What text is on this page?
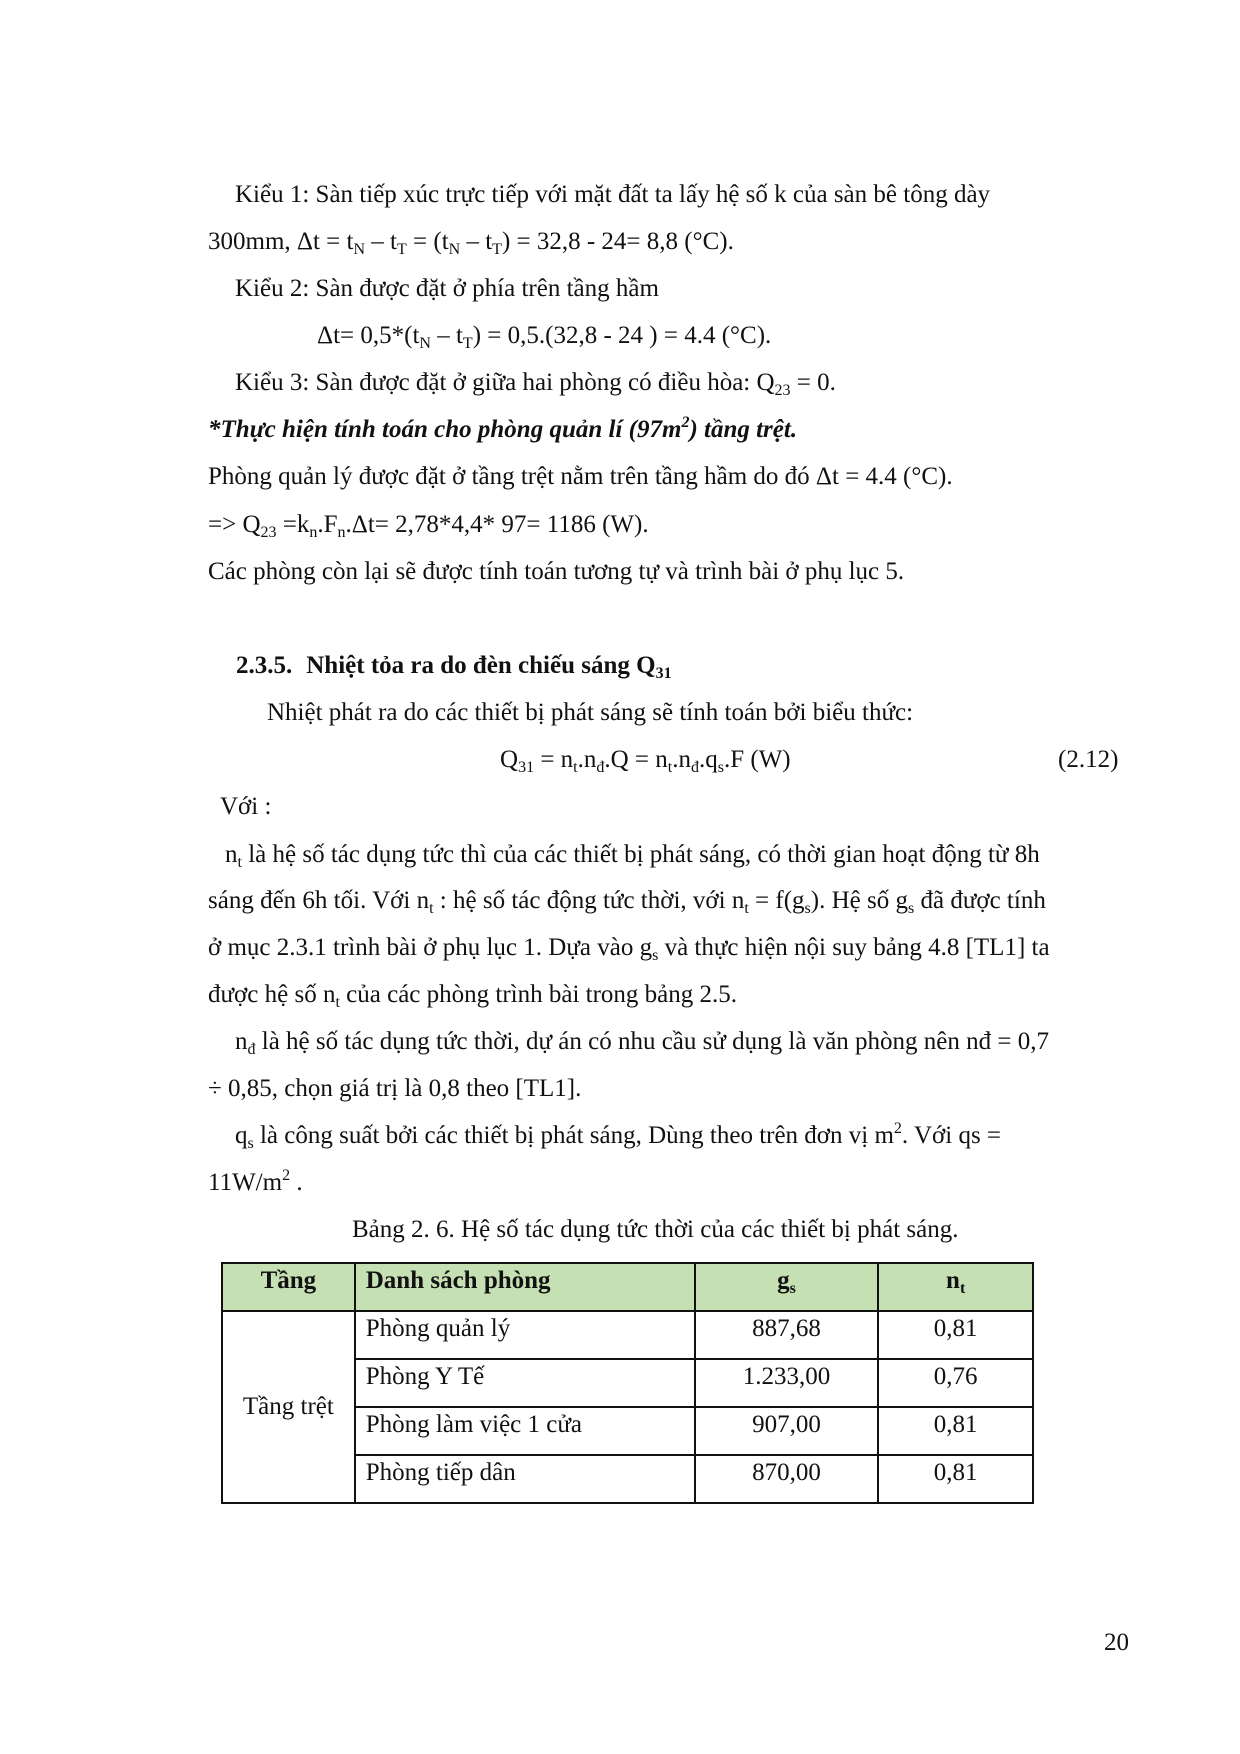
Kiểu 1: Sàn tiếp xúc trực tiếp với mặt đất ta lấy hệ số k của sàn bê tông dày
300mm, $\Delta t = t_N - t_T = (t_N - t_T) = 32,8 - 24= 8,8$ (°C).
Kiểu 2: Sàn được đặt ở phía trên tầng hầm
$\Delta t= 0,5*(t_N - t_T) = 0,5.(32,8 - 24$ ) = 4.4 (°C).
Kiểu 3: Sàn được đặt ở giữa hai phòng có điều hòa: $Q_{23} = 0$.
*Thực hiện tính toán cho phòng quản lí $(97m^2)$ tầng trệt.
Phòng quản lý được đặt ở tầng trệt nằm trên tầng hầm do đó Δt = 4.4 (°C).
=> $Q_{23} =k_n.F_n.\Delta t= 2,78*4,4*$ 97= 1186 (W).
Các phòng còn lại sẽ được tính toán tương tự và trình bài ở phụ lục 5.
2.3.5. Nhiệt tỏa ra do đèn chiếu sáng $Q_{31}$
Nhiệt phát ra do các thiết bị phát sáng sẽ tính toán bởi biểu thức:
$Q_{31} = n_t.n_đ.Q = n_t.n_đ.q_s.F$ (W)	(2.12)
Với :
$n_t$ là hệ số tác dụng tức thì của các thiết bị phát sáng, có thời gian hoạt động từ 8h
sáng đến 6h tối. Với $n_t$ : hệ số tác động tức thời, với $n_t = f(g_s)$. Hệ số $g_s$ đã được tính
ở mục 2.3.1 trình bài ở phụ lục 1. Dựa vào $g_s$ và thực hiện nội suy bảng 4.8 [TL1] ta
được hệ số $n_t$ của các phòng trình bài trong bảng 2.5.
$n_đ$ là hệ số tác dụng tức thời, dự án có nhu cầu sử dụng là văn phòng nên nđ = 0,7
÷ 0,85, chọn giá trị là 0,8 theo [TL1].
$q_s$ là công suất bởi các thiết bị phát sáng, Dùng theo trên đơn vị $m^2$. Với qs =
$11W/m^2$ .
Bảng 2. 6. Hệ số tác dụng tức thời của các thiết bị phát sáng.
Tầng	Danh sách phòng	$g_s$	$n_t$
Tầng trệt	Phòng quản lý	887,68	0,81
	Phòng Y Tế	1.233,00	0,76
	Phòng làm việc 1 cửa	907,00	0,81
	Phòng tiếp dân	870,00	0,81
20
